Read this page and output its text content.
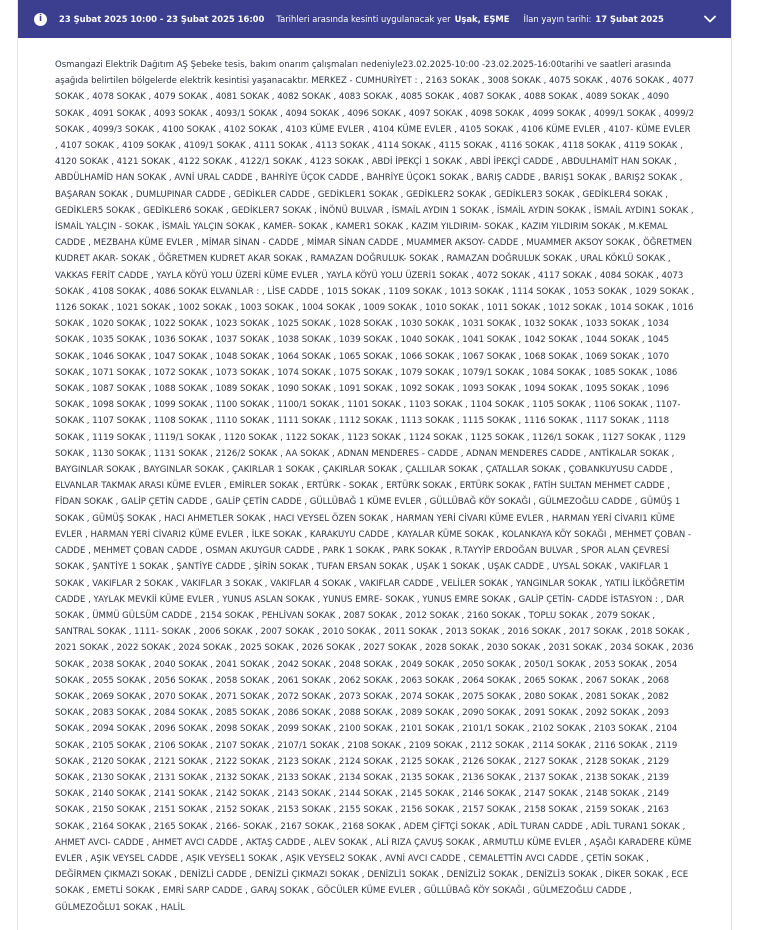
i	23 Şubat 2025 10:00 - 23 Şubat 2025 16:00 Tarihleri arasında kesinti uygulanacak yer Uşak, EŞME İlan yayın tarihi: 17 Şubat 2025

Osmangazi Elektrik Dağıtım AŞ Şebeke tesis, bakım onarım çalışmaları nedeniyle23.02.2025-10:00 -23.02.2025-16:00tarihi ve saatleri arasında aşağıda belirtilen bölgelerde elektrik kesintisi yaşanacaktır. MERKEZ - CUMHURİYET : , 2163 SOKAK , 3008 SOKAK , 4075 SOKAK , 4076 SOKAK , 4077 SOKAK , 4078 SOKAK , 4079 SOKAK , 4081 SOKAK , 4082 SOKAK , 4083 SOKAK , 4085 SOKAK , 4087 SOKAK , 4088 SOKAK , 4089 SOKAK , 4090 SOKAK , 4091 SOKAK , 4093 SOKAK , 4093/1 SOKAK , 4094 SOKAK , 4096 SOKAK , 4097 SOKAK , 4098 SOKAK , 4099 SOKAK , 4099/1 SOKAK , 4099/2 SOKAK , 4099/3 SOKAK , 4100 SOKAK , 4102 SOKAK , 4103 KÜME EVLER , 4104 KÜME EVLER , 4105 SOKAK , 4106 KÜME EVLER , 4107- KÜME EVLER , 4107 SOKAK , 4109 SOKAK , 4109/1 SOKAK , 4111 SOKAK , 4113 SOKAK , 4114 SOKAK , 4115 SOKAK , 4116 SOKAK , 4118 SOKAK , 4119 SOKAK , 4120 SOKAK , 4121 SOKAK , 4122 SOKAK , 4122/1 SOKAK , 4123 SOKAK , ABDİ İPEKÇİ 1 SOKAK , ABDİ İPEKÇİ CADDE , ABDULHAMİT HAN SOKAK , ABDÜLHAMİD HAN SOKAK , AVNİ URAL CADDE , BAHRİYE ÜÇOK CADDE , BAHRİYE ÜÇOK1 SOKAK , BARIŞ CADDE , BARIŞ1 SOKAK , BARIŞ2 SOKAK , BAŞARAN SOKAK , DUMLUPINAR CADDE , GEDİKLER CADDE , GEDİKLER1 SOKAK , GEDİKLER2 SOKAK , GEDİKLER3 SOKAK , GEDİKLER4 SOKAK , GEDİKLER5 SOKAK , GEDİKLER6 SOKAK , GEDİKLER7 SOKAK , İNÖNÜ BULVAR , İSMAİL AYDIN 1 SOKAK , İSMAİL AYDIN SOKAK , İSMAİL AYDIN1 SOKAK , İSMAİL YALÇIN - SOKAK , İSMAİL YALÇIN SOKAK , KAMER- SOKAK , KAMER1 SOKAK , KAZIM YILDIRIM- SOKAK , KAZIM YILDIRIM SOKAK , M.KEMAL CADDE , MEZBAHA KÜME EVLER , MİMAR SİNAN - CADDE , MİMAR SİNAN CADDE , MUAMMER AKSOY- CADDE , MUAMMER AKSOY SOKAK , ÖĞRETMEN KUDRET AKAR- SOKAK , ÖĞRETMEN KUDRET AKAR SOKAK , RAMAZAN DOĞRULUK- SOKAK , RAMAZAN DOĞRULUK SOKAK , URAL KÖKLÜ SOKAK , VAKKAS FERİT CADDE , YAYLA KÖYÜ YOLU ÜZERİ KÜME EVLER , YAYLA KÖYÜ YOLU ÜZERİ1 SOKAK , 4072 SOKAK , 4117 SOKAK , 4084 SOKAK , 4073 SOKAK , 4108 SOKAK , 4086 SOKAK ELVANLAR : , LİSE CADDE , 1015 SOKAK , 1109 SOKAK , 1013 SOKAK , 1114 SOKAK , 1053 SOKAK , 1029 SOKAK , 1126 SOKAK , 1021 SOKAK , 1002 SOKAK , 1003 SOKAK , 1004 SOKAK , 1009 SOKAK , 1010 SOKAK , 1011 SOKAK , 1012 SOKAK , 1014 SOKAK , 1016 SOKAK , 1020 SOKAK , 1022 SOKAK , 1023 SOKAK , 1025 SOKAK , 1028 SOKAK , 1030 SOKAK , 1031 SOKAK , 1032 SOKAK , 1033 SOKAK , 1034 SOKAK , 1035 SOKAK , 1036 SOKAK , 1037 SOKAK , 1038 SOKAK , 1039 SOKAK , 1040 SOKAK , 1041 SOKAK , 1042 SOKAK , 1044 SOKAK , 1045 SOKAK , 1046 SOKAK , 1047 SOKAK , 1048 SOKAK , 1064 SOKAK , 1065 SOKAK , 1066 SOKAK , 1067 SOKAK , 1068 SOKAK , 1069 SOKAK , 1070 SOKAK , 1071 SOKAK , 1072 SOKAK , 1073 SOKAK , 1074 SOKAK , 1075 SOKAK , 1079 SOKAK , 1079/1 SOKAK , 1084 SOKAK , 1085 SOKAK , 1086 SOKAK , 1087 SOKAK , 1088 SOKAK , 1089 SOKAK , 1090 SOKAK , 1091 SOKAK , 1092 SOKAK , 1093 SOKAK , 1094 SOKAK , 1095 SOKAK , 1096 SOKAK , 1098 SOKAK , 1099 SOKAK , 1100 SOKAK , 1100/1 SOKAK , 1101 SOKAK , 1103 SOKAK , 1104 SOKAK , 1105 SOKAK , 1106 SOKAK , 1107- SOKAK , 1107 SOKAK , 1108 SOKAK , 1110 SOKAK , 1111 SOKAK , 1112 SOKAK , 1113 SOKAK , 1115 SOKAK , 1116 SOKAK , 1117 SOKAK , 1118 SOKAK , 1119 SOKAK , 1119/1 SOKAK , 1120 SOKAK , 1122 SOKAK , 1123 SOKAK , 1124 SOKAK , 1125 SOKAK , 1126/1 SOKAK , 1127 SOKAK , 1129 SOKAK , 1130 SOKAK , 1131 SOKAK , 2126/2 SOKAK , AA SOKAK , ADNAN MENDERES - CADDE , ADNAN MENDERES CADDE , ANTİKALAR SOKAK , BAYGINLAR SOKAK , BAYGINLAR SOKAK , ÇAKIRLAR 1 SOKAK , ÇAKIRLAR SOKAK , ÇALLILAR SOKAK , ÇATALLAR SOKAK , ÇOBANKUYUSU CADDE , ELVANLAR TAKMAK ARASI KÜME EVLER , EMİRLER SOKAK , ERTÜRK - SOKAK , ERTÜRK SOKAK , ERTÜRK SOKAK , FATİH SULTAN MEHMET CADDE , FİDAN SOKAK , GALİP ÇETİN CADDE , GALİP ÇETİN CADDE , GÜLLÜBAĞ 1 KÜME EVLER , GÜLLÜBAĞ KÖY SOKAĞI , GÜLMEZOĞLU CADDE , GÜMÜŞ 1 SOKAK , GÜMÜŞ SOKAK , HACI AHMETLER SOKAK , HACI VEYSEL ÖZEN SOKAK , HARMAN YERİ CİVARI KÜME EVLER , HARMAN YERİ CİVARI1 KÜME EVLER , HARMAN YERİ CİVARI2 KÜME EVLER , İLKE SOKAK , KARAKUYU CADDE , KAYALAR KÜME SOKAK , KOLANKAYA KÖY SOKAĞI , MEHMET ÇOBAN - CADDE , MEHMET ÇOBAN CADDE , OSMAN AKUYGUR CADDE , PARK 1 SOKAK , PARK SOKAK , R.TAYYİP ERDOĞAN BULVAR , SPOR ALAN ÇEVRESİ SOKAK , ŞANTİYE 1 SOKAK , ŞANTİYE CADDE , ŞİRİN SOKAK , TUFAN ERSAN SOKAK , UŞAK 1 SOKAK , UŞAK CADDE , UYSAL SOKAK , VAKIFLAR 1 SOKAK , VAKIFLAR 2 SOKAK , VAKIFLAR 3 SOKAK , VAKIFLAR 4 SOKAK , VAKIFLAR CADDE , VELİLER SOKAK , YANGINLAR SOKAK , YATILI İLKÖĞRETİM CADDE , YAYLAK MEVKİİ KÜME EVLER , YUNUS ASLAN SOKAK , YUNUS EMRE- SOKAK , YUNUS EMRE SOKAK , GALİP ÇETİN- CADDE İSTASYON : , DAR SOKAK , ÜMMÜ GÜLSÜM CADDE , 2154 SOKAK , PEHLİVAN SOKAK , 2087 SOKAK , 2012 SOKAK , 2160 SOKAK , TOPLU SOKAK , 2079 SOKAK , SANTRAL SOKAK , 1111- SOKAK , 2006 SOKAK , 2007 SOKAK , 2010 SOKAK , 2011 SOKAK , 2013 SOKAK , 2016 SOKAK , 2017 SOKAK , 2018 SOKAK , 2021 SOKAK , 2022 SOKAK , 2024 SOKAK , 2025 SOKAK , 2026 SOKAK , 2027 SOKAK , 2028 SOKAK , 2030 SOKAK , 2031 SOKAK , 2034 SOKAK , 2036 SOKAK , 2038 SOKAK , 2040 SOKAK , 2041 SOKAK , 2042 SOKAK , 2048 SOKAK , 2049 SOKAK , 2050 SOKAK , 2050/1 SOKAK , 2053 SOKAK , 2054 SOKAK , 2055 SOKAK , 2056 SOKAK , 2058 SOKAK , 2061 SOKAK , 2062 SOKAK , 2063 SOKAK , 2064 SOKAK , 2065 SOKAK , 2067 SOKAK , 2068 SOKAK , 2069 SOKAK , 2070 SOKAK , 2071 SOKAK , 2072 SOKAK , 2073 SOKAK , 2074 SOKAK , 2075 SOKAK , 2080 SOKAK , 2081 SOKAK , 2082 SOKAK , 2083 SOKAK , 2084 SOKAK , 2085 SOKAK , 2086 SOKAK , 2088 SOKAK , 2089 SOKAK , 2090 SOKAK , 2091 SOKAK , 2092 SOKAK , 2093 SOKAK , 2094 SOKAK , 2096 SOKAK , 2098 SOKAK , 2099 SOKAK , 2100 SOKAK , 2101 SOKAK , 2101/1 SOKAK , 2102 SOKAK , 2103 SOKAK , 2104 SOKAK , 2105 SOKAK , 2106 SOKAK , 2107 SOKAK , 2107/1 SOKAK , 2108 SOKAK , 2109 SOKAK , 2112 SOKAK , 2114 SOKAK , 2116 SOKAK , 2119 SOKAK , 2120 SOKAK , 2121 SOKAK , 2122 SOKAK , 2123 SOKAK , 2124 SOKAK , 2125 SOKAK , 2126 SOKAK , 2127 SOKAK , 2128 SOKAK , 2129 SOKAK , 2130 SOKAK , 2131 SOKAK , 2132 SOKAK , 2133 SOKAK , 2134 SOKAK , 2135 SOKAK , 2136 SOKAK , 2137 SOKAK , 2138 SOKAK , 2139 SOKAK , 2140 SOKAK , 2141 SOKAK , 2142 SOKAK , 2143 SOKAK , 2144 SOKAK , 2145 SOKAK , 2146 SOKAK , 2147 SOKAK , 2148 SOKAK , 2149 SOKAK , 2150 SOKAK , 2151 SOKAK , 2152 SOKAK , 2153 SOKAK , 2155 SOKAK , 2156 SOKAK , 2157 SOKAK , 2158 SOKAK , 2159 SOKAK , 2163 SOKAK , 2164 SOKAK , 2165 SOKAK , 2166- SOKAK , 2167 SOKAK , 2168 SOKAK , ADEM ÇİFTÇİ SOKAK , ADİL TURAN CADDE , ADİL TURAN1 SOKAK , AHMET AVCI- CADDE , AHMET AVCI CADDE , AKTAŞ CADDE , ALEV SOKAK , ALİ RIZA ÇAVUŞ SOKAK , ARMUTLU KÜME EVLER , AŞAĞI KARADERE KÜME EVLER , AŞIK VEYSEL CADDE , AŞIK VEYSEL1 SOKAK , AŞIK VEYSEL2 SOKAK , AVNİ AVCI CADDE , CEMALETTİN AVCI CADDE , ÇETİN SOKAK , DEĞİRMEN ÇIKMAZI SOKAK , DENİZLİ CADDE , DENİZLİ ÇIKMAZI SOKAK , DENİZLİ1 SOKAK , DENİZLİ2 SOKAK , DENİZLİ3 SOKAK , DİKER SOKAK , ECE SOKAK , EMETLİ SOKAK , EMRİ SARP CADDE , GARAJ SOKAK , GÖCÜLER KÜME EVLER , GÜLLÜBAĞ KÖY SOKAĞI , GÜLMEZOĞLU CADDE , GÜLMEZOĞLU1 SOKAK , HALİL
